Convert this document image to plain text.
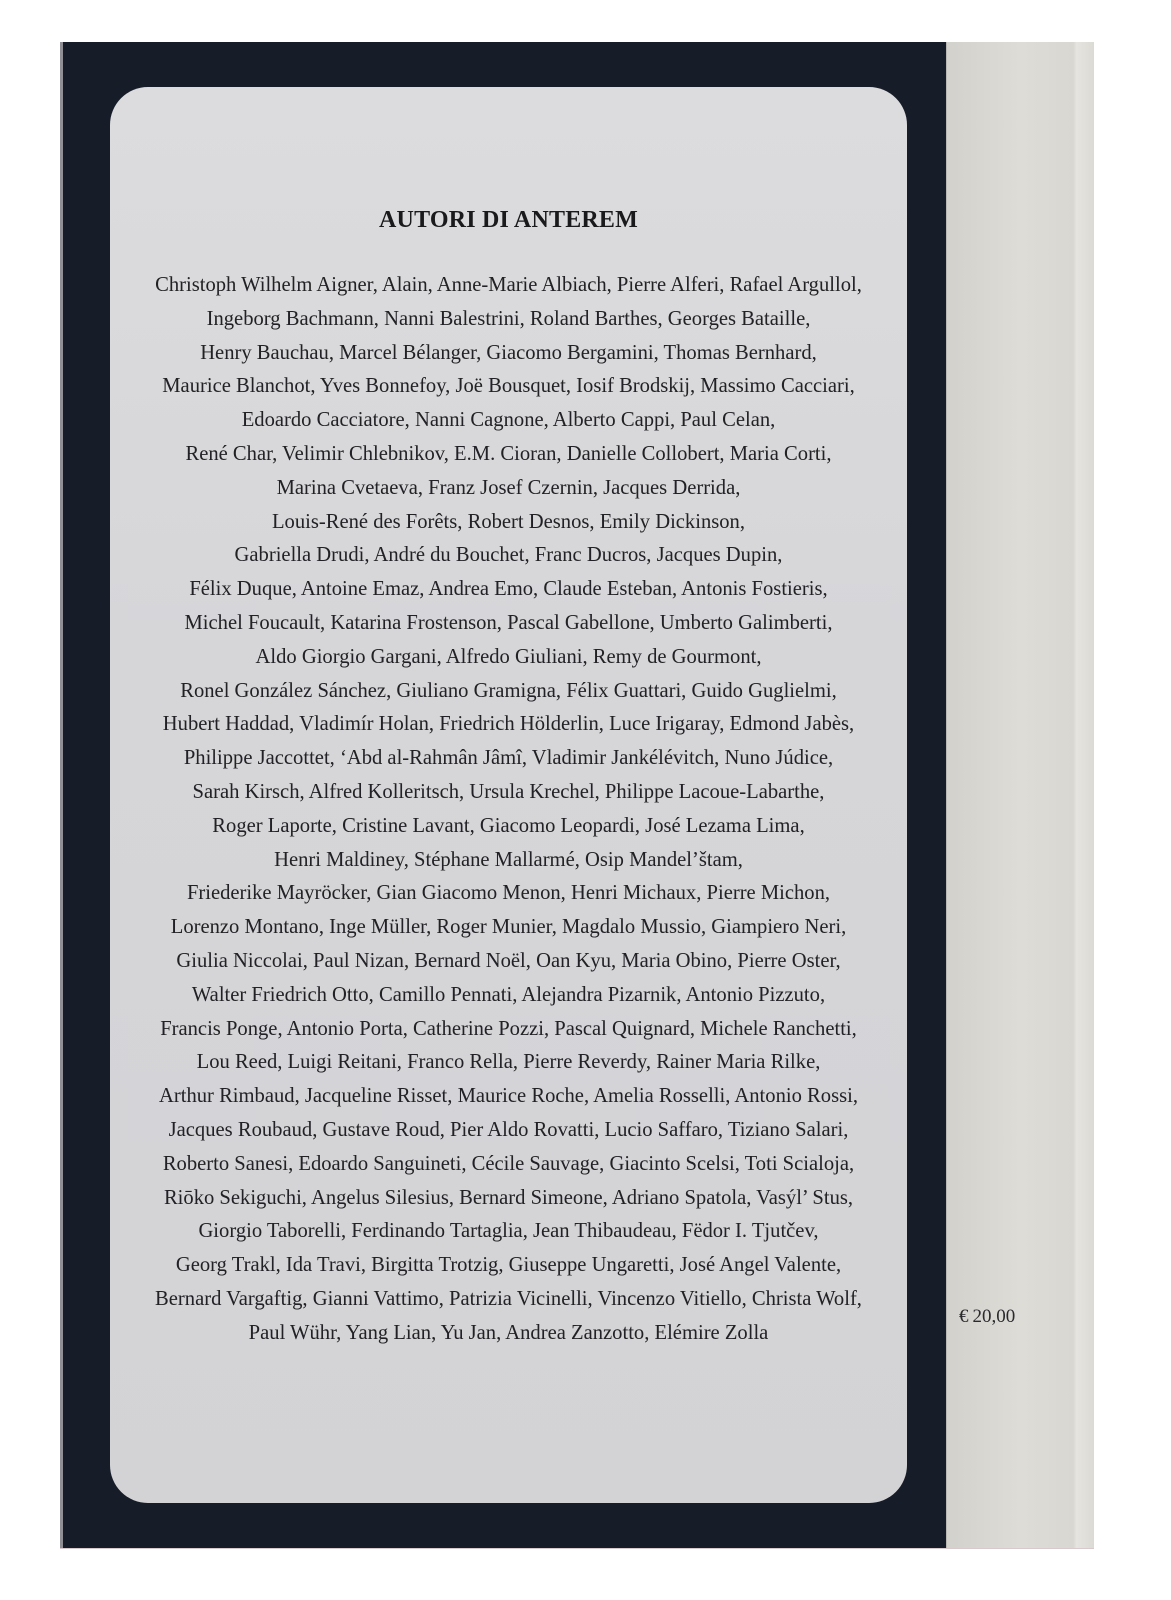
AUTORI DI ANTEREM
Christoph Wilhelm Aigner, Alain, Anne-Marie Albiach, Pierre Alferi, Rafael Argullol,
Ingeborg Bachmann, Nanni Balestrini, Roland Barthes, Georges Bataille,
Henry Bauchau, Marcel Bélanger, Giacomo Bergamini, Thomas Bernhard,
Maurice Blanchot, Yves Bonnefoy, Joë Bousquet, Iosif Brodskij, Massimo Cacciari,
Edoardo Cacciatore, Nanni Cagnone, Alberto Cappi, Paul Celan,
René Char, Velimir Chlebnikov, E.M. Cioran, Danielle Collobert, Maria Corti,
Marina Cvetaeva, Franz Josef Czernin, Jacques Derrida,
Louis-René des Forêts, Robert Desnos, Emily Dickinson,
Gabriella Drudi, André du Bouchet, Franc Ducros, Jacques Dupin,
Félix Duque, Antoine Emaz, Andrea Emo, Claude Esteban, Antonis Fostieris,
Michel Foucault, Katarina Frostenson, Pascal Gabellone, Umberto Galimberti,
Aldo Giorgio Gargani, Alfredo Giuliani, Remy de Gourmont,
Ronel González Sánchez, Giuliano Gramigna, Félix Guattari, Guido Guglielmi,
Hubert Haddad, Vladimír Holan, Friedrich Hölderlin, Luce Irigaray, Edmond Jabès,
Philippe Jaccottet, ‘Abd al-Rahmân Jâmî, Vladimir Jankélévitch, Nuno Júdice,
Sarah Kirsch, Alfred Kolleritsch, Ursula Krechel, Philippe Lacoue-Labarthe,
Roger Laporte, Cristine Lavant, Giacomo Leopardi, José Lezama Lima,
Henri Maldiney, Stéphane Mallarmé, Osip Mandel’štam,
Friederike Mayröcker, Gian Giacomo Menon, Henri Michaux, Pierre Michon,
Lorenzo Montano, Inge Müller, Roger Munier, Magdalo Mussio, Giampiero Neri,
Giulia Niccolai, Paul Nizan, Bernard Noël, Oan Kyu, Maria Obino, Pierre Oster,
Walter Friedrich Otto, Camillo Pennati, Alejandra Pizarnik, Antonio Pizzuto,
Francis Ponge, Antonio Porta, Catherine Pozzi, Pascal Quignard, Michele Ranchetti,
Lou Reed, Luigi Reitani, Franco Rella, Pierre Reverdy, Rainer Maria Rilke,
Arthur Rimbaud, Jacqueline Risset, Maurice Roche, Amelia Rosselli, Antonio Rossi,
Jacques Roubaud, Gustave Roud, Pier Aldo Rovatti, Lucio Saffaro, Tiziano Salari,
Roberto Sanesi, Edoardo Sanguineti, Cécile Sauvage, Giacinto Scelsi, Toti Scialoja,
Riōko Sekiguchi, Angelus Silesius, Bernard Simeone, Adriano Spatola, Vasýl’ Stus,
Giorgio Taborelli, Ferdinando Tartaglia, Jean Thibaudeau, Fëdor I. Tjutčev,
Georg Trakl, Ida Travi, Birgitta Trotzig, Giuseppe Ungaretti, José Angel Valente,
Bernard Vargaftig, Gianni Vattimo, Patrizia Vicinelli, Vincenzo Vitiello, Christa Wolf,
Paul Wühr, Yang Lian, Yu Jan, Andrea Zanzotto, Elémire Zolla
€ 20,00
